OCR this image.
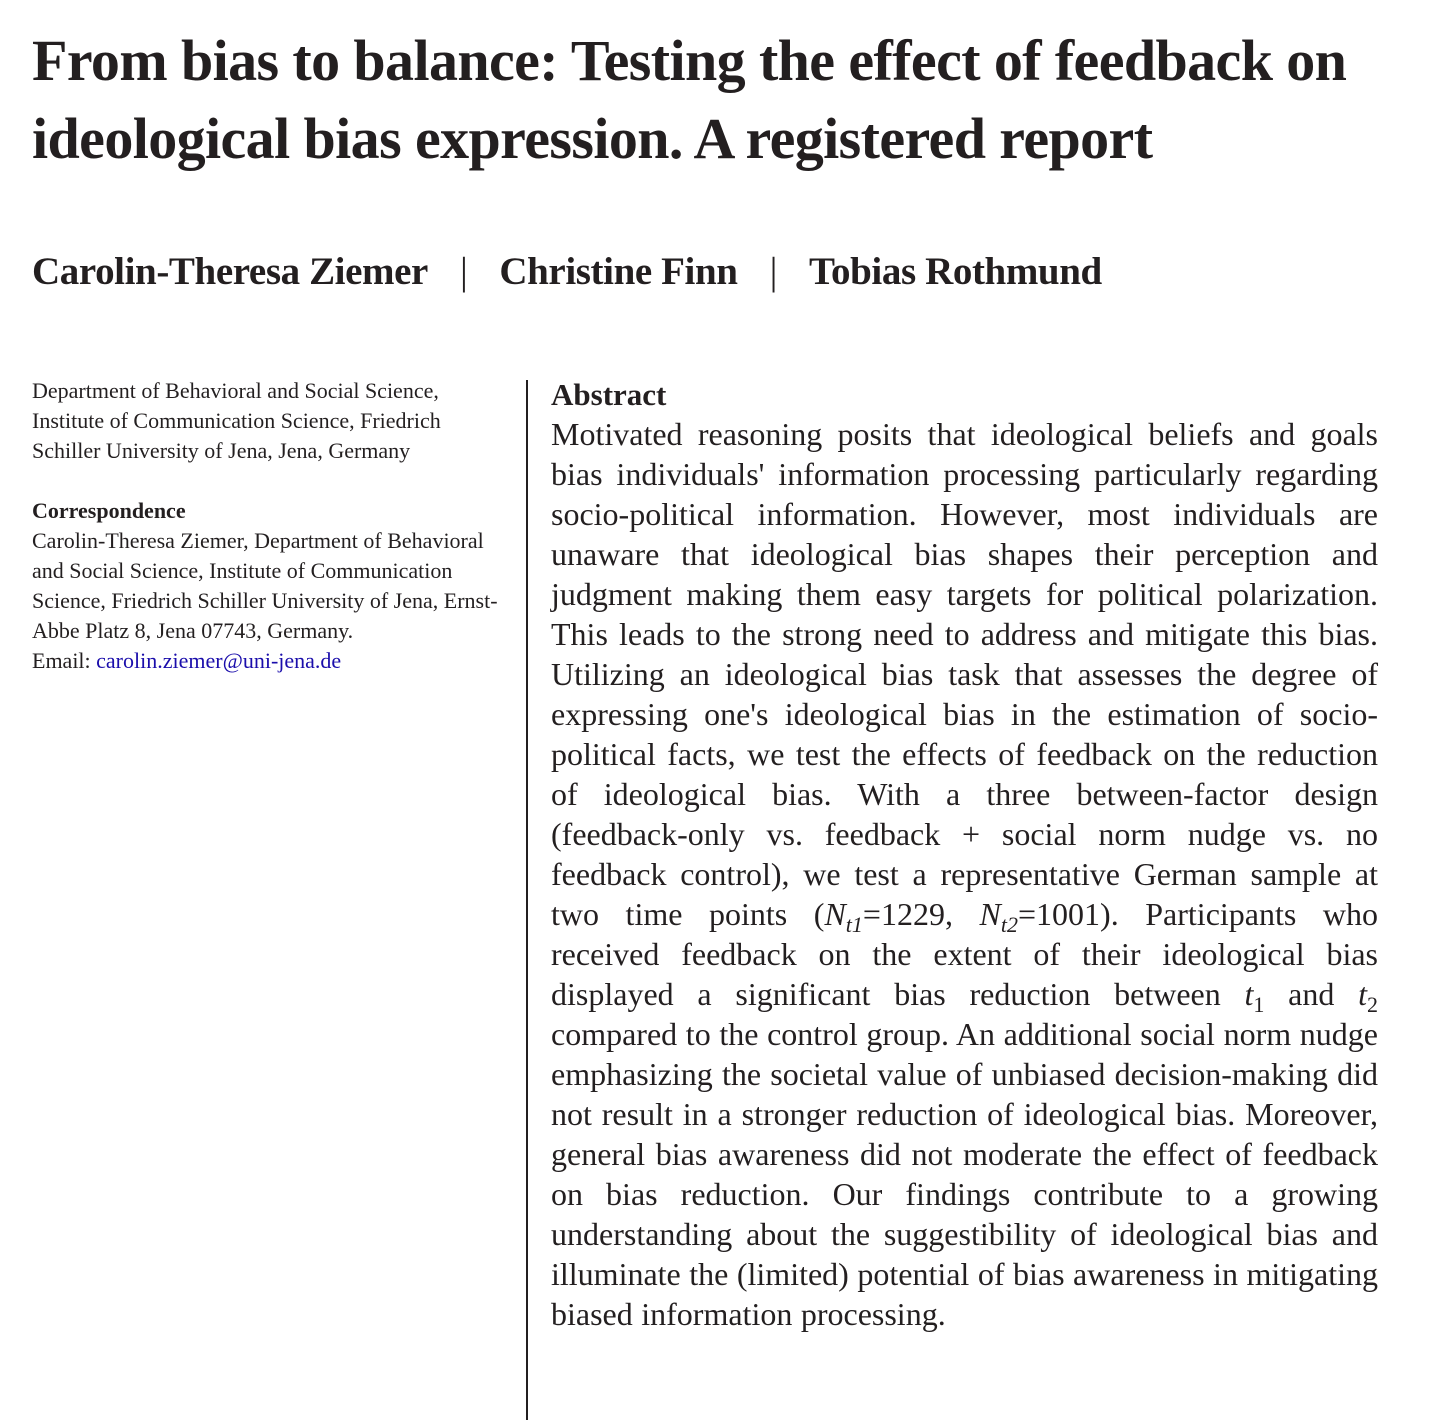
From bias to balance: Testing the effect of feedback on ideological bias expression. A registered report
Carolin-Theresa Ziemer | Christine Finn | Tobias Rothmund

Department of Behavioral and Social Science, Institute of Communication Science, Friedrich Schiller University of Jena, Jena, Germany

Correspondence

Carolin-Theresa Ziemer, Department of Behavioral and Social Science, Institute of Communication Science, Friedrich Schiller University of Jena, Ernst-Abbe Platz 8, Jena 07743, Germany.

Email: carolin.ziemer@uni-jena.de

Abstract

Motivated reasoning posits that ideological beliefs and goals bias individuals' information processing particularly regarding socio-political information. However, most individuals are unaware that ideological bias shapes their perception and judgment making them easy targets for political polarization. This leads to the strong need to address and mitigate this bias. Utilizing an ideological bias task that assesses the degree of expressing one's ideological bias in the estimation of socio-political facts, we test the effects of feedback on the reduction of ideological bias. With a three between-factor design (feedback-only vs. feedback + social norm nudge vs. no feedback control), we test a representative German sample at two time points ($N_{t1}=1229$, $N_{t2}=1001$). Participants who received feedback on the extent of their ideological bias displayed a significant bias reduction between $t_1$ and $t_2$ compared to the control group. An additional social norm nudge emphasizing the societal value of unbiased decision-making did not result in a stronger reduction of ideological bias. Moreover, general bias awareness did not moderate the effect of feedback on bias reduction. Our findings contribute to a growing understanding about the suggestibility of ideological bias and illuminate the (limited) potential of bias awareness in mitigating biased information processing.
